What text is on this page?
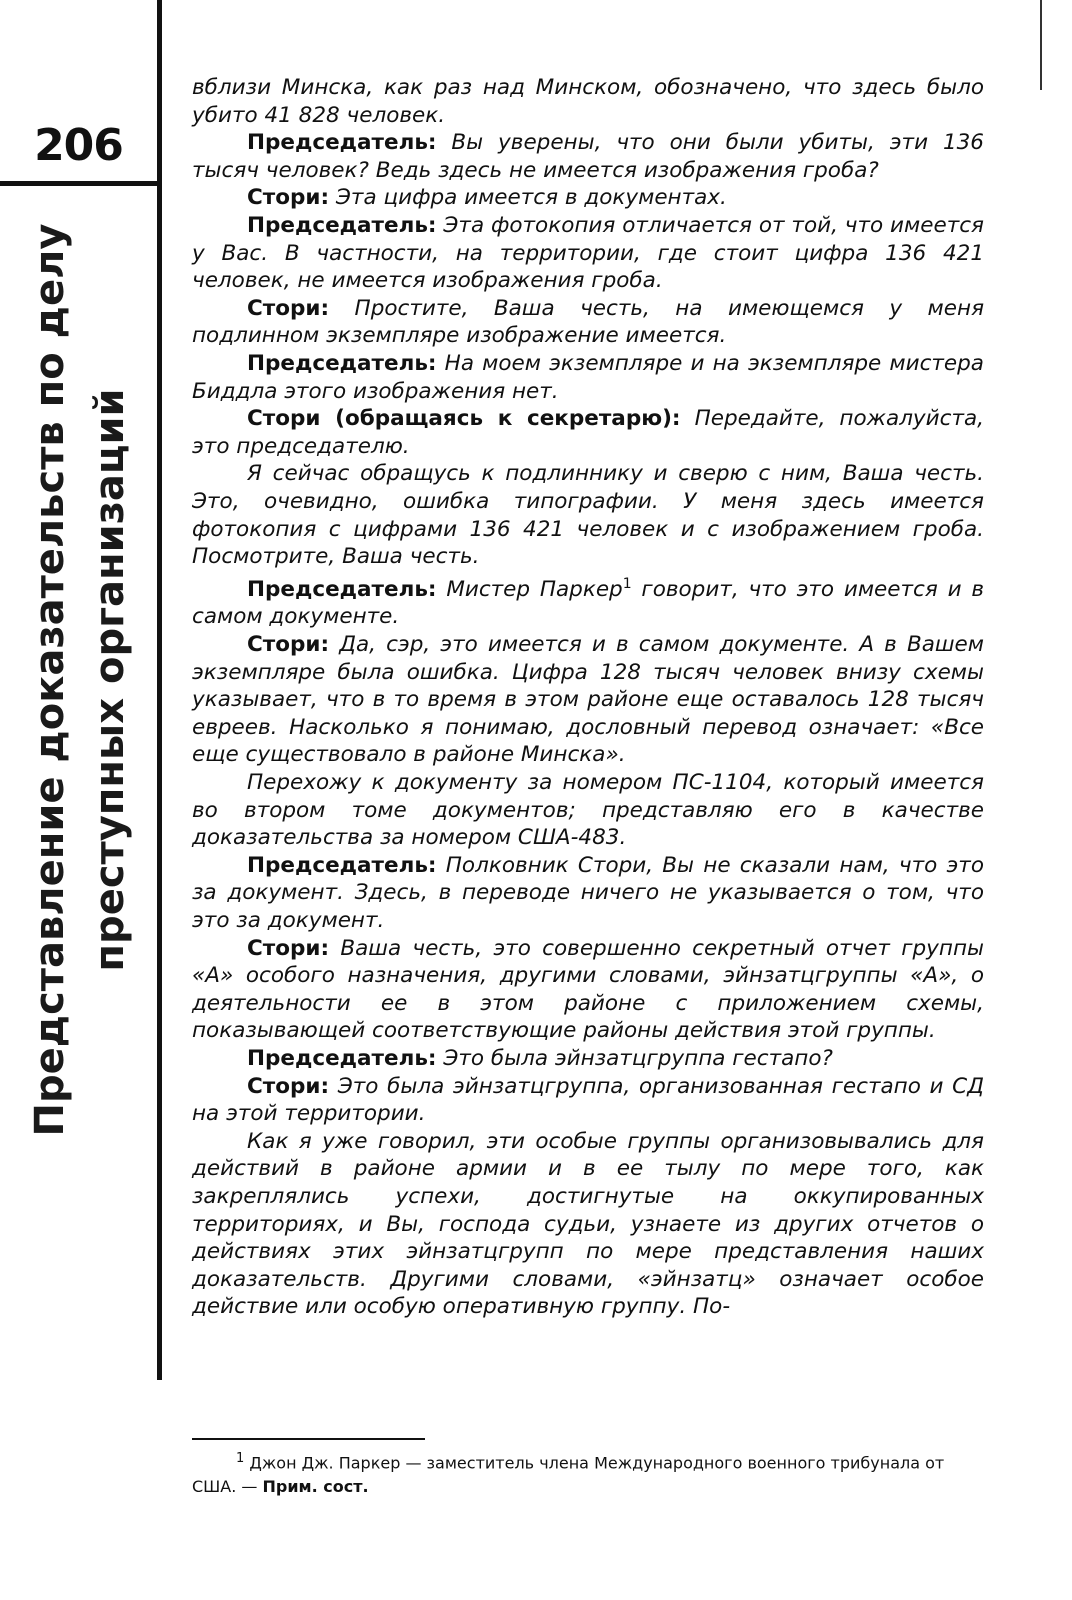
206
Представление доказательств по делу преступных организаций

вблизи Минска, как раз над Минском, обозначено, что здесь было убито 41 828 человек.

Председатель: Вы уверены, что они были убиты, эти 136 тысяч человек? Ведь здесь не имеется изображения гроба?

Стори: Эта цифра имеется в документах.

Председатель: Эта фотокопия отличается от той, что имеется у Вас. В частности, на территории, где стоит цифра 136 421 человек, не имеется изображения гроба.

Стори: Простите, Ваша честь, на имеющемся у меня подлинном экземпляре изображение имеется.

Председатель: На моем экземпляре и на экземпляре мистера Биддла этого изображения нет.

Стори (обращаясь к секретарю): Передайте, пожалуйста, это председателю.

Я сейчас обращусь к подлиннику и сверю с ним, Ваша честь. Это, очевидно, ошибка типографии. У меня здесь имеется фотокопия с цифрами 136 421 человек и с изображением гроба. Посмотрите, Ваша честь.

Председатель: Мистер Паркер$^1$ говорит, что это имеется и в самом документе.

Стори: Да, сэр, это имеется и в самом документе. А в Вашем экземпляре была ошибка. Цифра 128 тысяч человек внизу схемы указывает, что в то время в этом районе еще оставалось 128 тысяч евреев. Насколько я понимаю, дословный перевод означает: «Все еще существовало в районе Минска».

Перехожу к документу за номером ПС-1104, который имеется во втором томе документов; представляю его в качестве доказательства за номером США-483.

Председатель: Полковник Стори, Вы не сказали нам, что это за документ. Здесь, в переводе ничего не указывается о том, что это за документ.

Стори: Ваша честь, это совершенно секретный отчет группы «А» особого назначения, другими словами, эйнзатцгруппы «А», о деятельности ее в этом районе с приложением схемы, показывающей соответствующие районы действия этой группы.

Председатель: Это была эйнзатцгруппа гестапо?

Стори: Это была эйнзатцгруппа, организованная гестапо и СД на этой территории.

Как я уже говорил, эти особые группы организовывались для действий в районе армии и в ее тылу по мере того, как закреплялись успехи, достигнутые на оккупированных территориях, и Вы, господа судьи, узнаете из других отчетов о действиях этих эйнзатцгрупп по мере представления наших доказательств. Другими словами, «эйнзатц» означает особое действие или особую оперативную группу. По-

$^1$ Джон Дж. Паркер — заместитель члена Международного военного трибунала от США. — Прим. сост.
